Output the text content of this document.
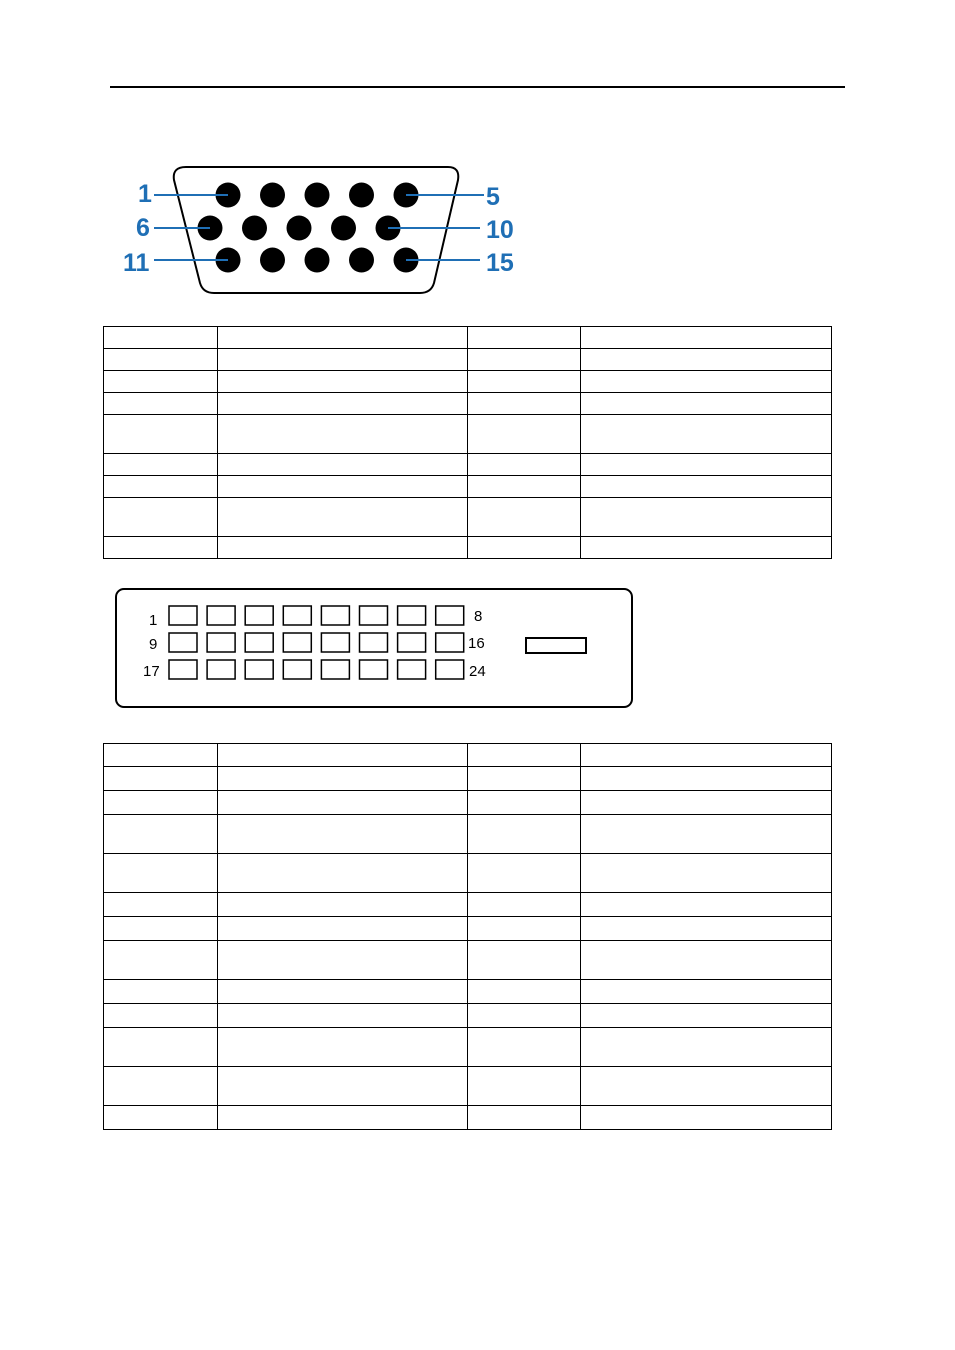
1	5
6	10
11	15

1	8
9	16
17	24
